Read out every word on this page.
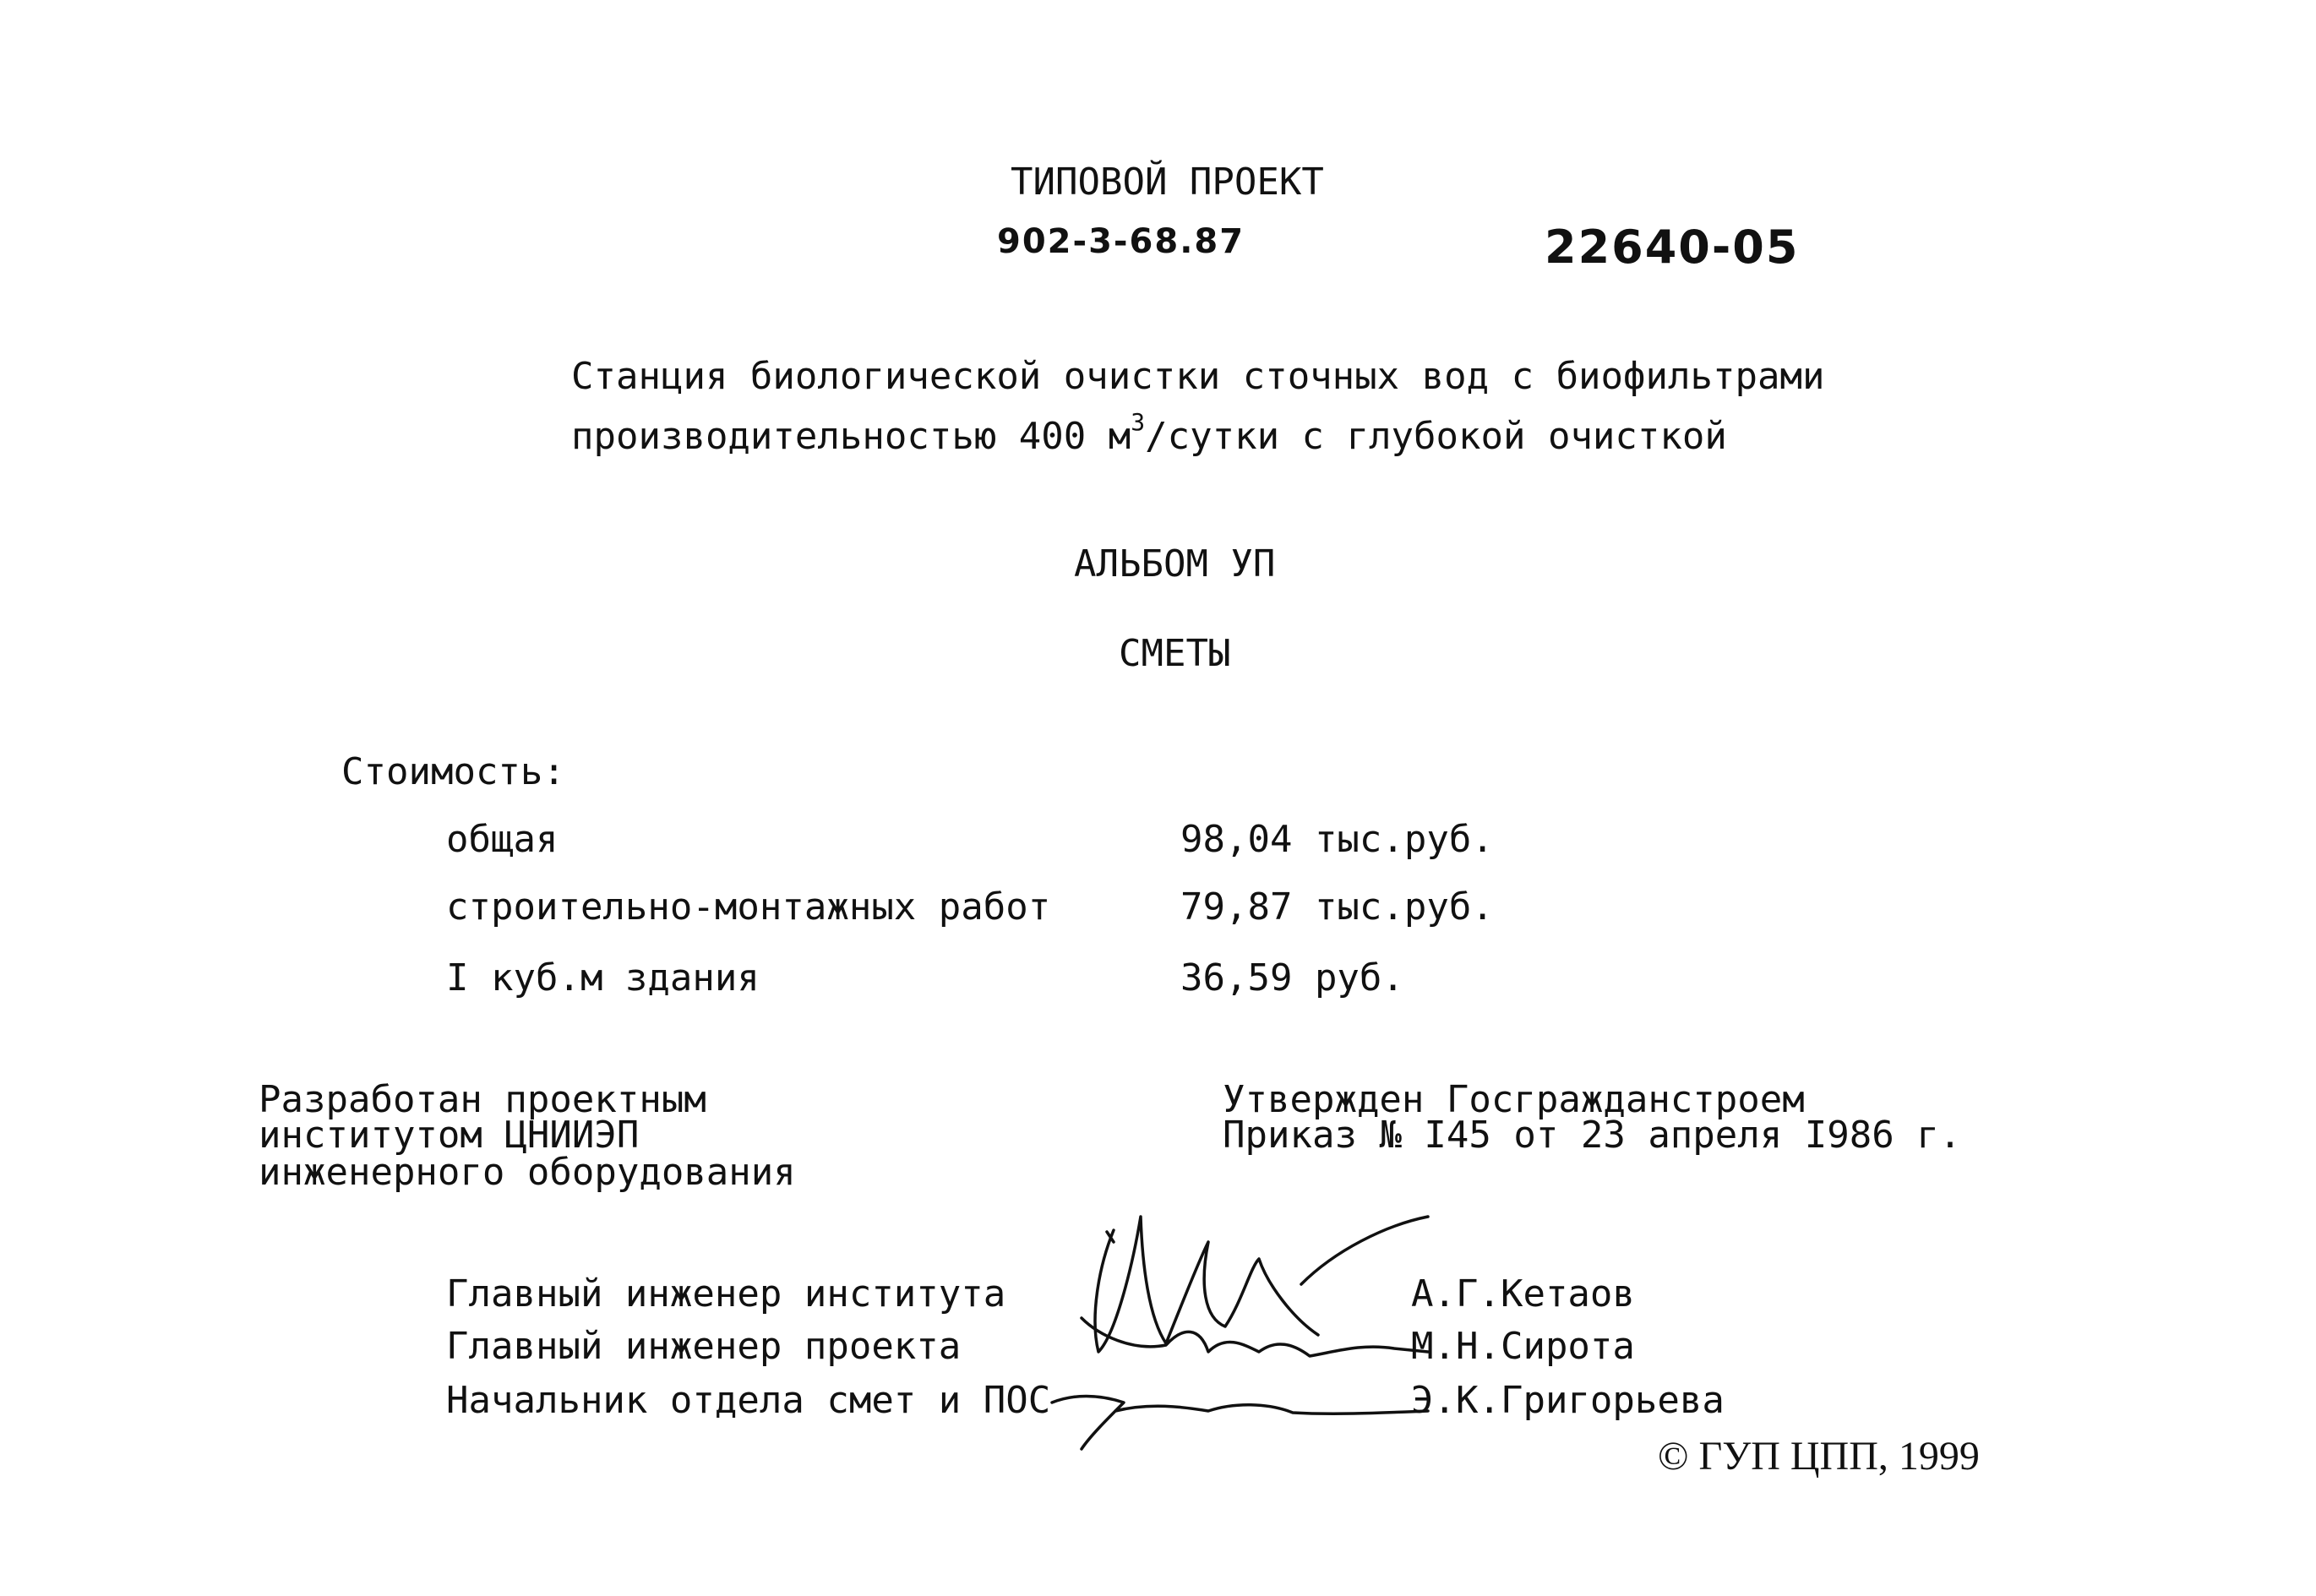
ТИПОВОЙ ПРОЕКТ
902-3-68.87	22640-05
Станция биологической очистки сточных вод с биофильтрами
производительностью 400 $м^3$/сутки с глубокой очисткой
АЛЬБОМ УП
СМЕТЫ
Стоимость:
общая	98,04 тыс.руб.
строительно-монтажных работ	79,87 тыс.руб.
I куб.м здания	36,59 руб.
Разработан проектным
институтом ЦНИИЭП
инженерного оборудования
Утвержден Госгражданстроем
Приказ № I45 от 23 апреля I986 г.
Главный инженер института	А.Г.Кетаов
Главный инженер проекта	М.Н.Сирота
Начальник отдела смет и ПОС	Э.К.Григорьева
© ГУП ЦПП, 1999
